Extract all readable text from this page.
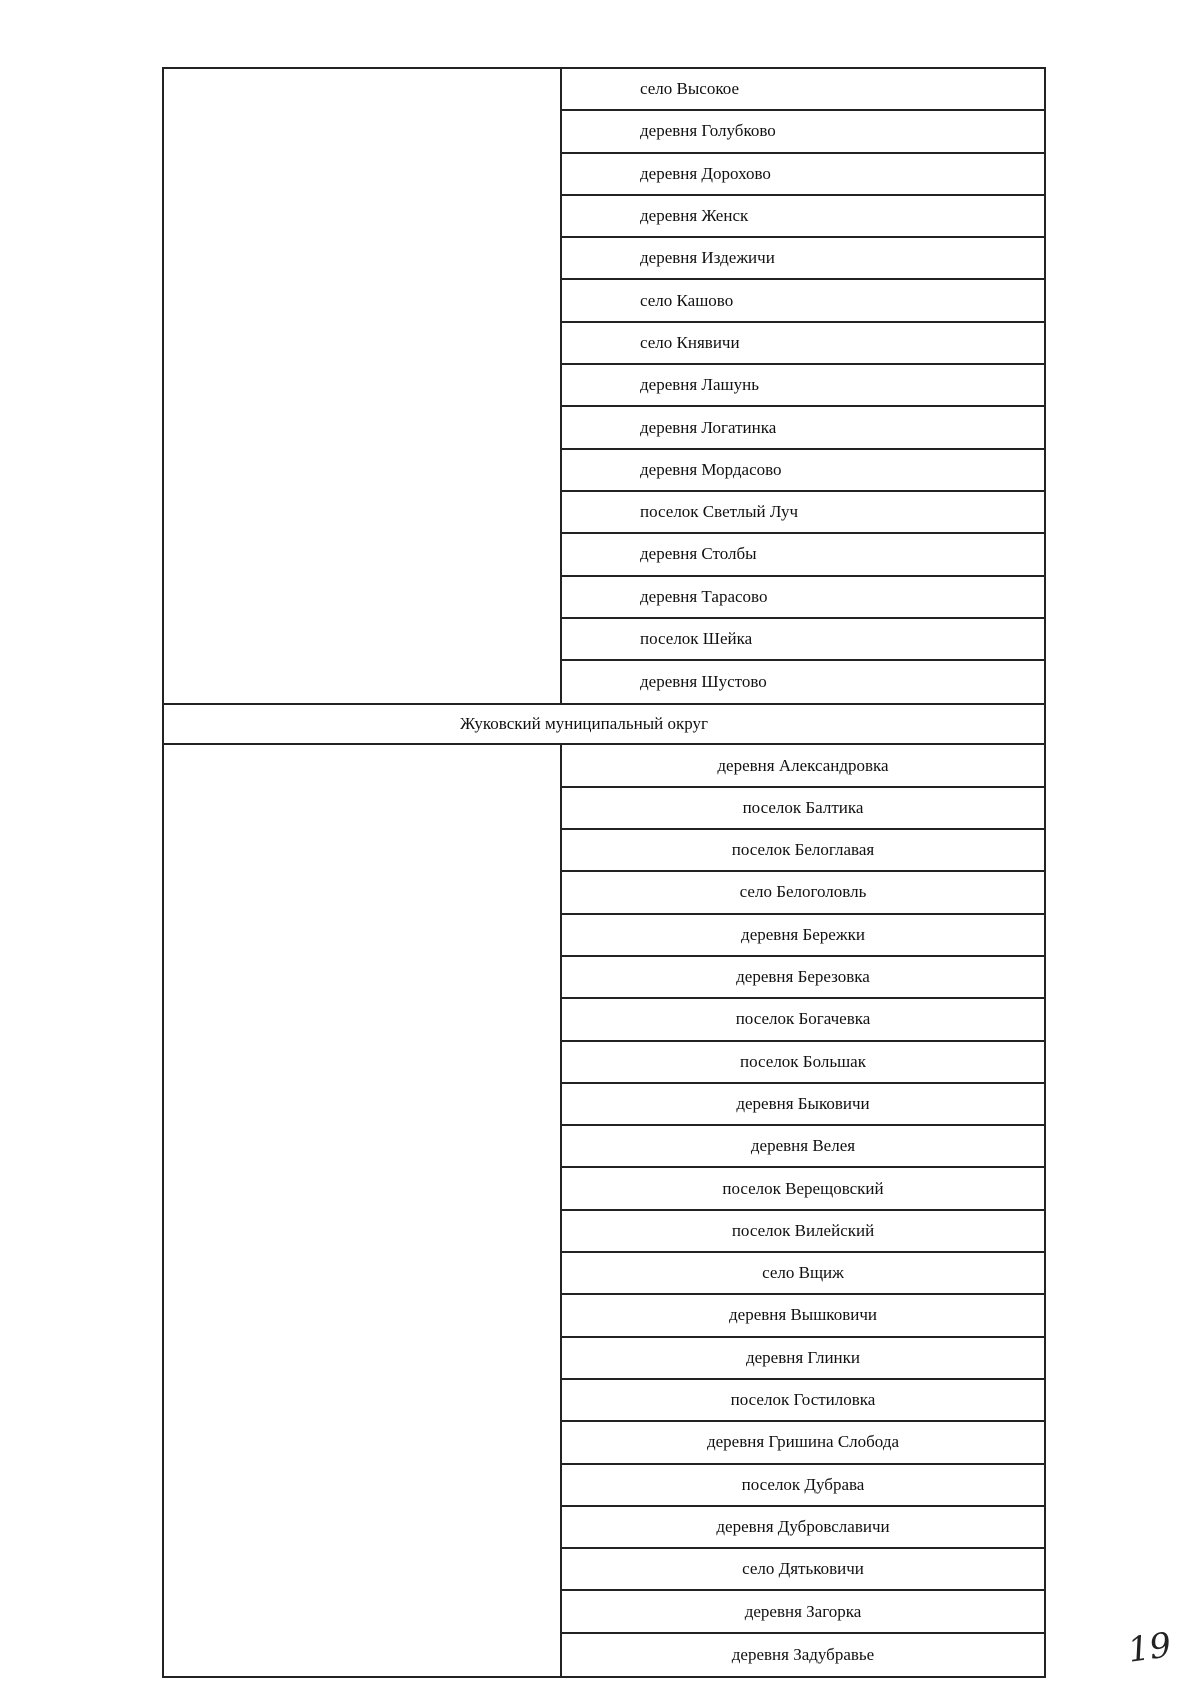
село Высокое
деревня Голубково
деревня Дорохово
деревня Женск
деревня Издежичи
село Кашово
село Княвичи
деревня Лашунь
деревня Логатинка
деревня Мордасово
поселок Светлый Луч
деревня Столбы
деревня Тарасово
поселок Шейка
деревня Шустово
Жуковский муниципальный округ
деревня Александровка
поселок Балтика
поселок Белоглавая
село Белоголовль
деревня Бережки
деревня Березовка
поселок Богачевка
поселок Большак
деревня Быковичи
деревня Велея
поселок Верещовский
поселок Вилейский
село Вщиж
деревня Вышковичи
деревня Глинки
поселок Гостиловка
деревня Гришина Слобода
поселок Дубрава
деревня Дубровславичи
село Дятьковичи
деревня Загорка
деревня Задубравье	19
